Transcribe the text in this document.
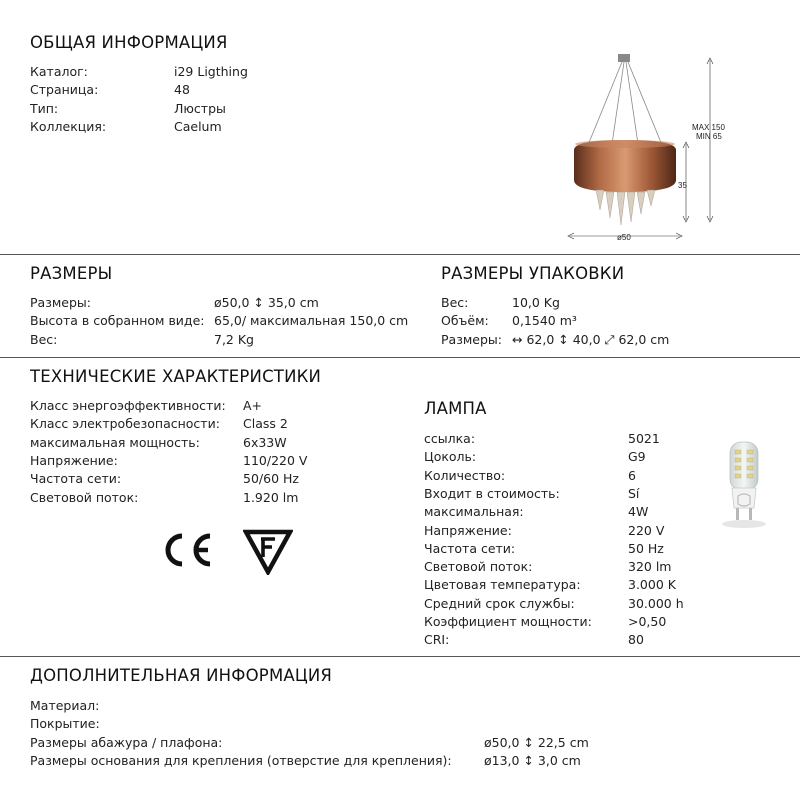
ОБЩАЯ ИНФОРМАЦИЯ
Каталог:	i29 Ligthing
Страница:	48
Тип:	Люстры
Коллекция:	Caelum	MAX 150
MIN 65
35
ø50
РАЗМЕРЫ
Размеры:	ø50,0 ↕ 35,0 cm
Высота в собранном виде: 65,0/ максимальная 150,0 cm
Вес:	7,2 Kg
РАЗМЕРЫ УПАКОВКИ
Вес:	10,0 Kg
Объём: 0,1540 m³
Размеры: ↔ 62,0 ↕ 40,0 ⤢ 62,0 cm
ТЕХНИЧЕСКИЕ ХАРАКТЕРИСТИКИ
Класс энергоэффективности: A+
Класс электробезопасности: Class 2
максимальная мощность:	6x33W
Напряжение:	110/220 V
Частота сети:	50/60 Hz
Световой поток:	1.920 lm
ЛАМПА
ссылка:	5021
Цоколь:	G9
Количество:	6
Входит в стоимость:	Sí
максимальная:	4W
Напряжение:	220 V
Частота сети:	50 Hz
Световой поток:	320 lm
Цветовая температура:	3.000 K
Средний срок службы:	30.000 h
Коэффициент мощности:	>0,50
CRI:	80
ДОПОЛНИТЕЛЬНАЯ ИНФОРМАЦИЯ
Материал:
Покрытие:
Размеры абажура / плафона:	ø50,0 ↕ 22,5 cm
Размеры основания для крепления (отверстие для крепления):	ø13,0 ↕ 3,0 cm
